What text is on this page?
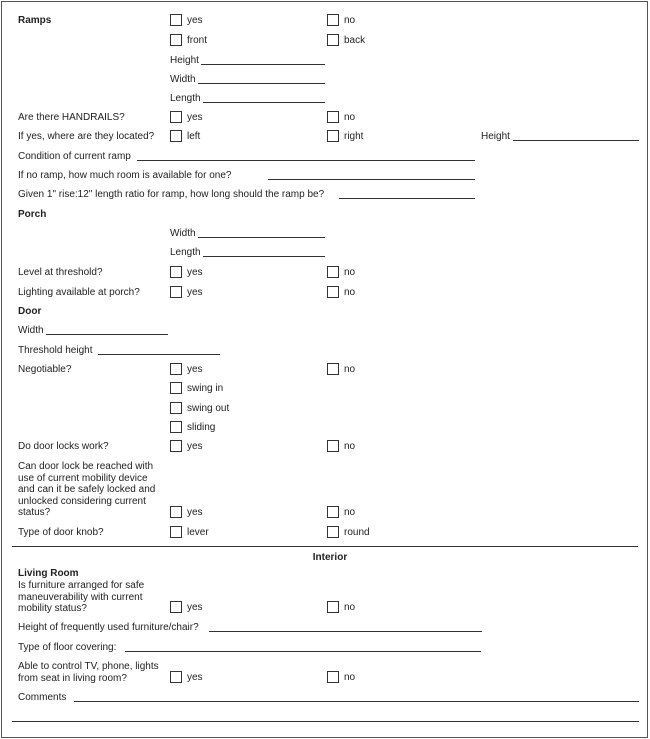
Ramps	yes	no
front	back
Height
Width
Length
Are there HANDRAILS?	yes	no
If yes, where are they located?	left	right	Height
Condition of current ramp
If no ramp, how much room is available for one?
Given 1" rise:12" length ratio for ramp, how long should the ramp be?
Porch
Width
Length
Level at threshold?	yes	no
Lighting available at porch?	yes	no
Door
Width
Threshold height
Negotiable?	yes	no
swing in
swing out
sliding
Do door locks work?	yes	no
Can door lock be reached with
use of current mobility device
and can it be safely locked and
unlocked considering current
status?	yes	no
Type of door knob?	lever	round
Interior
Living Room
Is furniture arranged for safe
maneuverability with current
mobility status?	yes	no
Height of frequently used furniture/chair?
Type of floor covering:
Able to control TV, phone, lights
from seat in living room?	yes	no
Comments
